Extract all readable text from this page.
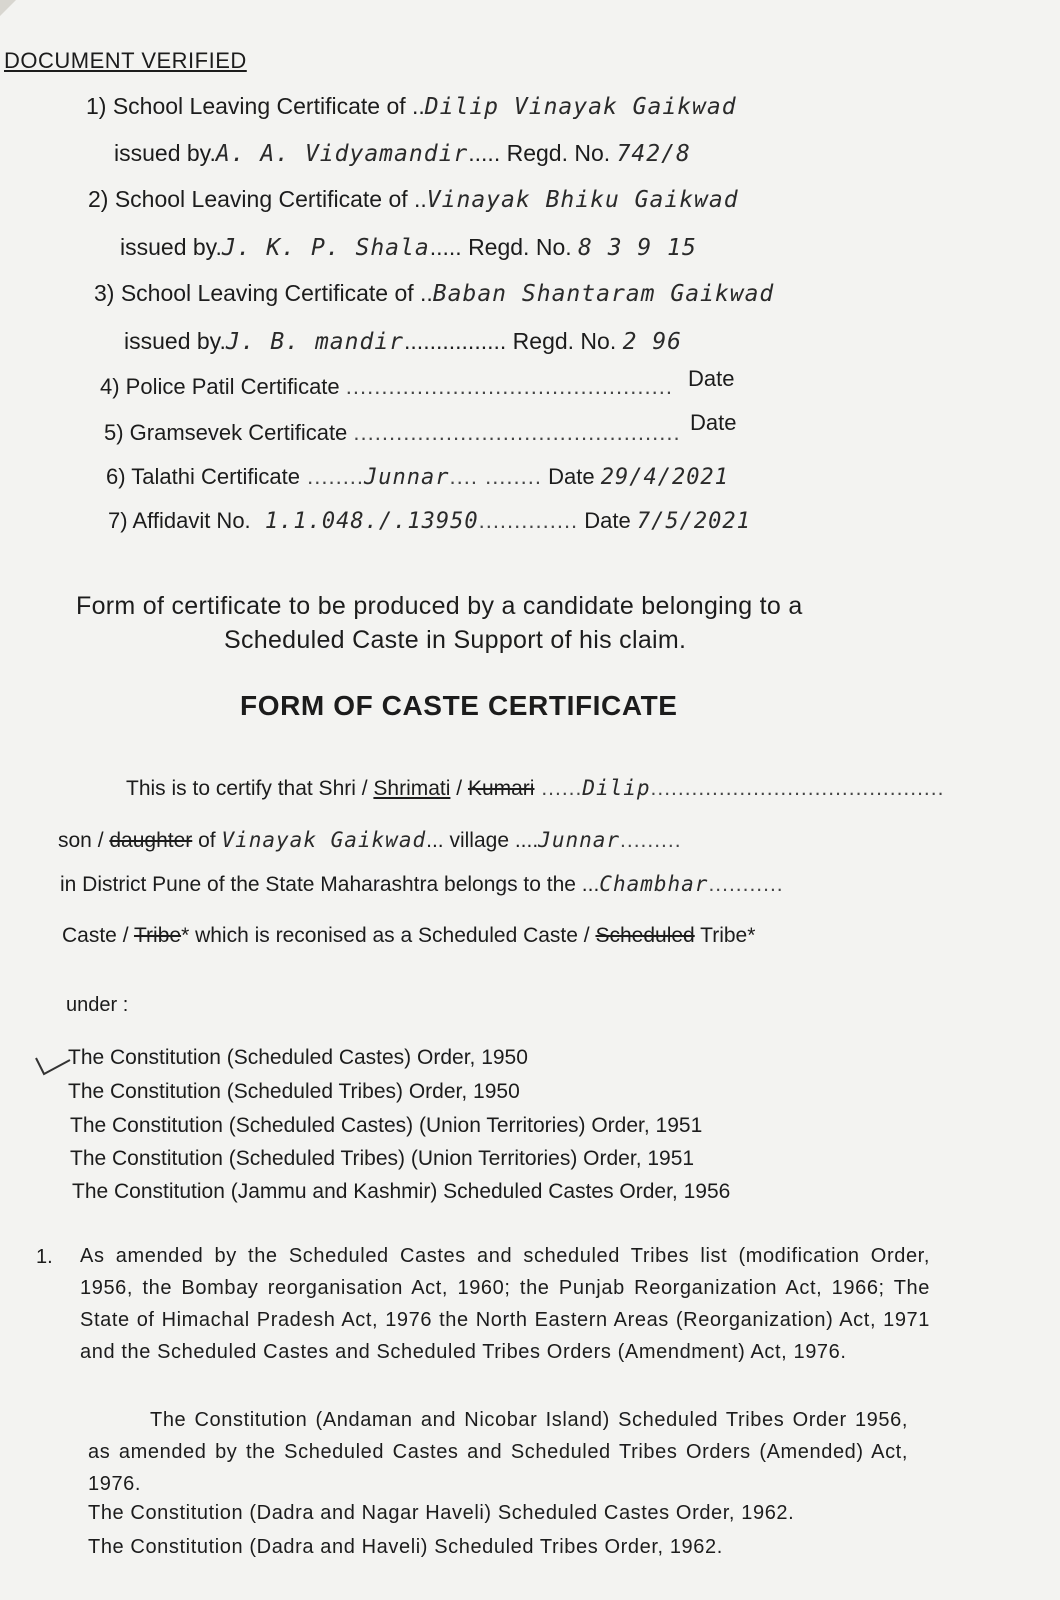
DOCUMENT VERIFIED
1) School Leaving Certificate of ..Dilip Vinayak Gaikwad
issued by.A. A. Vidyamandir..... Regd. No. 742/8
2) School Leaving Certificate of ..Vinayak Bhiku Gaikwad
issued by.J. K. P. Shala..... Regd. No. 8 3 9 15
3) School Leaving Certificate of ..Baban Shantaram Gaikwad
issued by.J. B. mandir................ Regd. No. 2 96
4) Police Patil Certificate .............................................. Date
5) Gramsevek Certificate .............................................. Date
6) Talathi Certificate ........Junnar.... ........ Date 29/4/2021
7) Affidavit No. 1.1.048./.13950.............. Date 7/5/2021
Form of certificate to be produced by a candidate belonging to a
Scheduled Caste in Support of his claim.
FORM OF CASTE CERTIFICATE
This is to certify that Shri / Shrimati / Kumari ......Dilip...........................................
son / daughter of Vinayak Gaikwad... village ....Junnar.........
in District Pune of the State Maharashtra belongs to the ...Chambhar...........
Caste / Tribe* which is reconised as a Scheduled Caste / Scheduled Tribe*
under :
The Constitution (Scheduled Castes) Order, 1950
The Constitution (Scheduled Tribes) Order, 1950
The Constitution (Scheduled Castes) (Union Territories) Order, 1951
The Constitution (Scheduled Tribes) (Union Territories) Order, 1951
The Constitution (Jammu and Kashmir) Scheduled Castes Order, 1956
1. As amended by the Scheduled Castes and scheduled Tribes list (modification Order, 1956, the Bombay reorganisation Act, 1960; the Punjab Reorganization Act, 1966; The State of Himachal Pradesh Act, 1976 the North Eastern Areas (Reorganization) Act, 1971 and the Scheduled Castes and Scheduled Tribes Orders (Amendment) Act, 1976.
The Constitution (Andaman and Nicobar Island) Scheduled Tribes Order 1956, as amended by the Scheduled Castes and Scheduled Tribes Orders (Amended) Act, 1976.
The Constitution (Dadra and Nagar Haveli) Scheduled Castes Order, 1962.
The Constitution (Dadra and Haveli) Scheduled Tribes Order, 1962.
